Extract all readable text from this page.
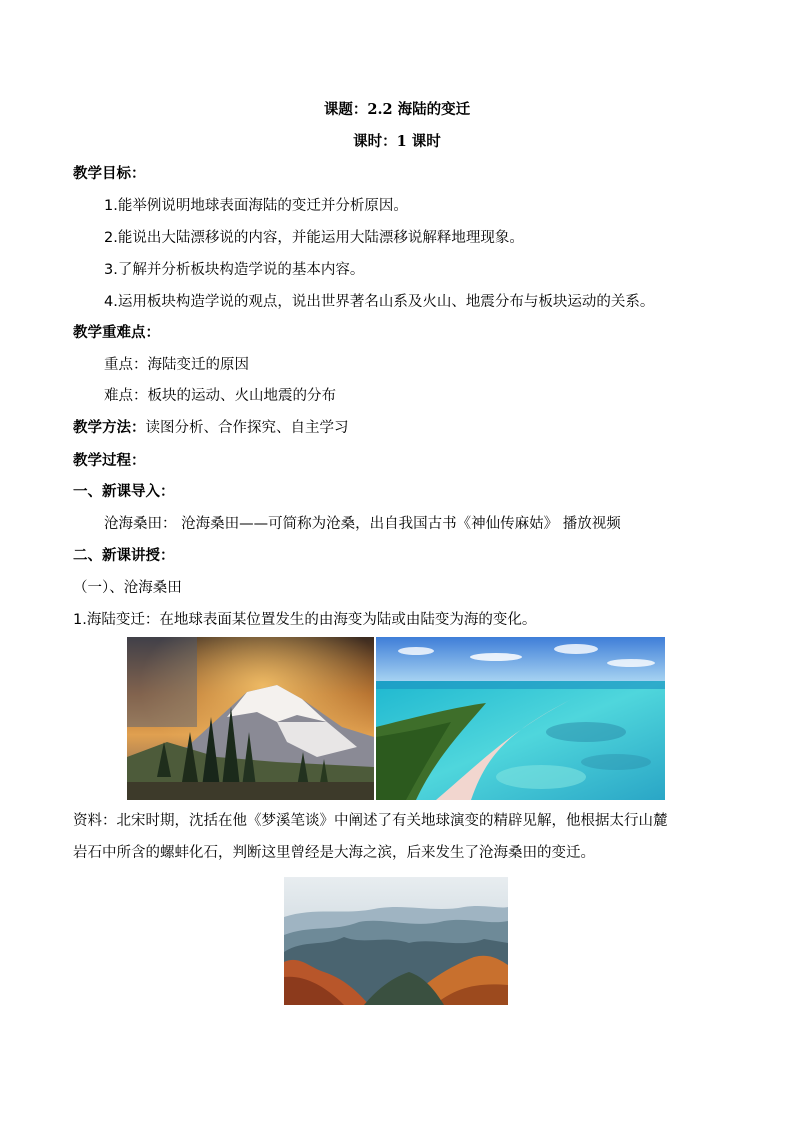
课题：2.2 海陆的变迁
课时：1 课时
教学目标：
1.能举例说明地球表面海陆的变迁并分析原因。
2.能说出大陆漂移说的内容，并能运用大陆漂移说解释地理现象。
3.了解并分析板块构造学说的基本内容。
4.运用板块构造学说的观点，说出世界著名山系及火山、地震分布与板块运动的关系。
教学重难点：
重点：海陆变迁的原因
难点：板块的运动、火山地震的分布
教学方法：读图分析、合作探究、自主学习
教学过程：
一、新课导入：
沧海桑田： 沧海桑田——可简称为沧桑，出自我国古书《神仙传麻姑》 播放视频
二、新课讲授：
（一）、沧海桑田
1.海陆变迁：在地球表面某位置发生的由海变为陆或由陆变为海的变化。
资料：北宋时期，沈括在他《梦溪笔谈》中阐述了有关地球演变的精辟见解，他根据太行山麓
岩石中所含的螺蚌化石，判断这里曾经是大海之滨，后来发生了沧海桑田的变迁。
